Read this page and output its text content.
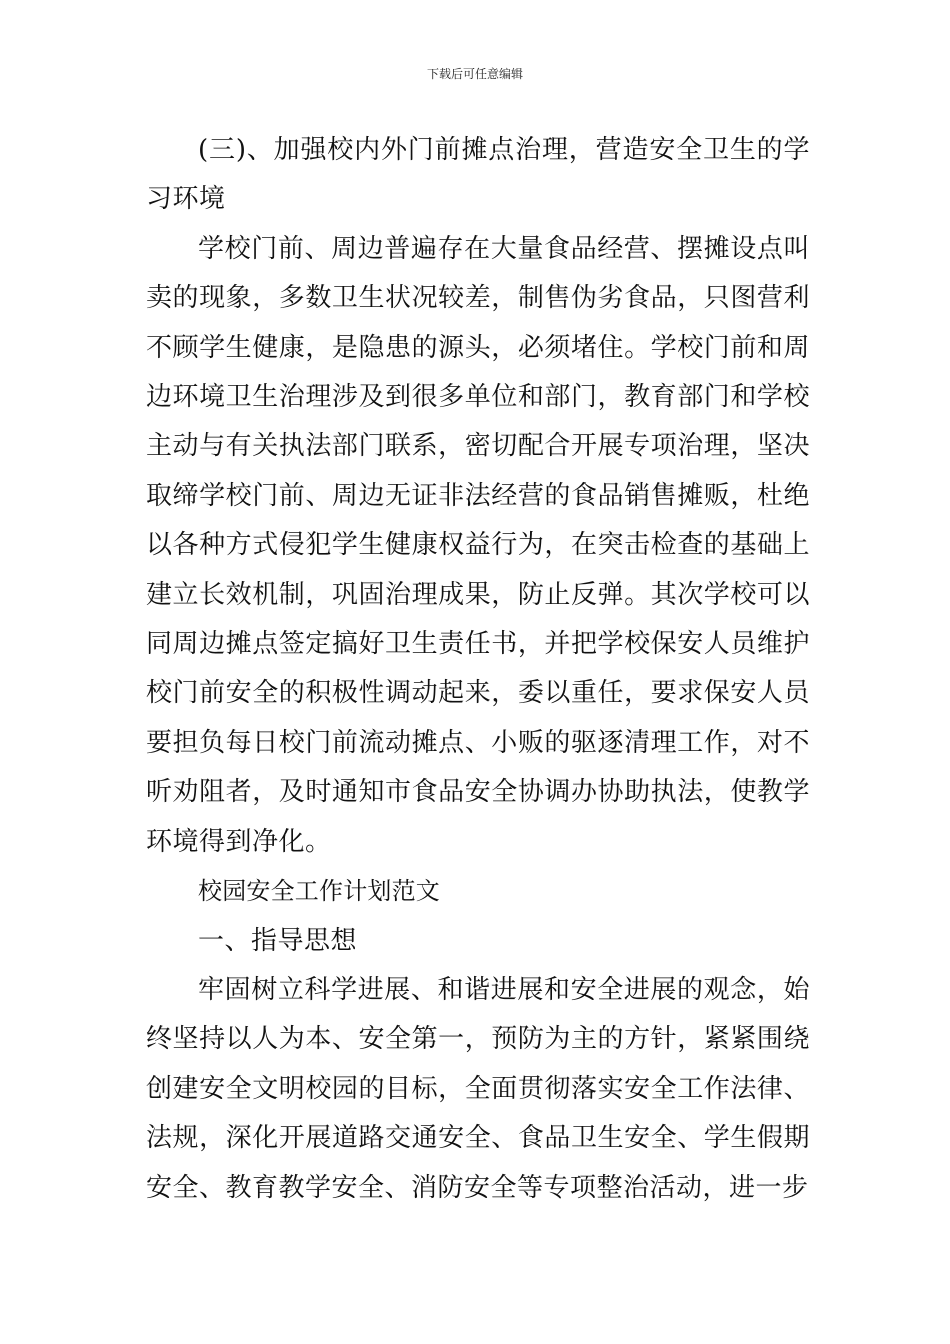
下载后可任意编辑

(三)、加强校内外门前摊点治理，营造安全卫生的学习环境

学校门前、周边普遍存在大量食品经营、摆摊设点叫卖的现象，多数卫生状况较差，制售伪劣食品，只图营利不顾学生健康，是隐患的源头，必须堵住。学校门前和周边环境卫生治理涉及到很多单位和部门，教育部门和学校主动与有关执法部门联系，密切配合开展专项治理，坚决取缔学校门前、周边无证非法经营的食品销售摊贩，杜绝以各种方式侵犯学生健康权益行为，在突击检查的基础上建立长效机制，巩固治理成果，防止反弹。其次学校可以同周边摊点签定搞好卫生责任书，并把学校保安人员维护校门前安全的积极性调动起来，委以重任，要求保安人员要担负每日校门前流动摊点、小贩的驱逐清理工作，对不听劝阻者，及时通知市食品安全协调办协助执法，使教学环境得到净化。

校园安全工作计划范文

一、指导思想

牢固树立科学进展、和谐进展和安全进展的观念，始终坚持以人为本、安全第一，预防为主的方针，紧紧围绕创建安全文明校园的目标，全面贯彻落实安全工作法律、法规，深化开展道路交通安全、食品卫生安全、学生假期安全、教育教学安全、消防安全等专项整治活动，进一步
